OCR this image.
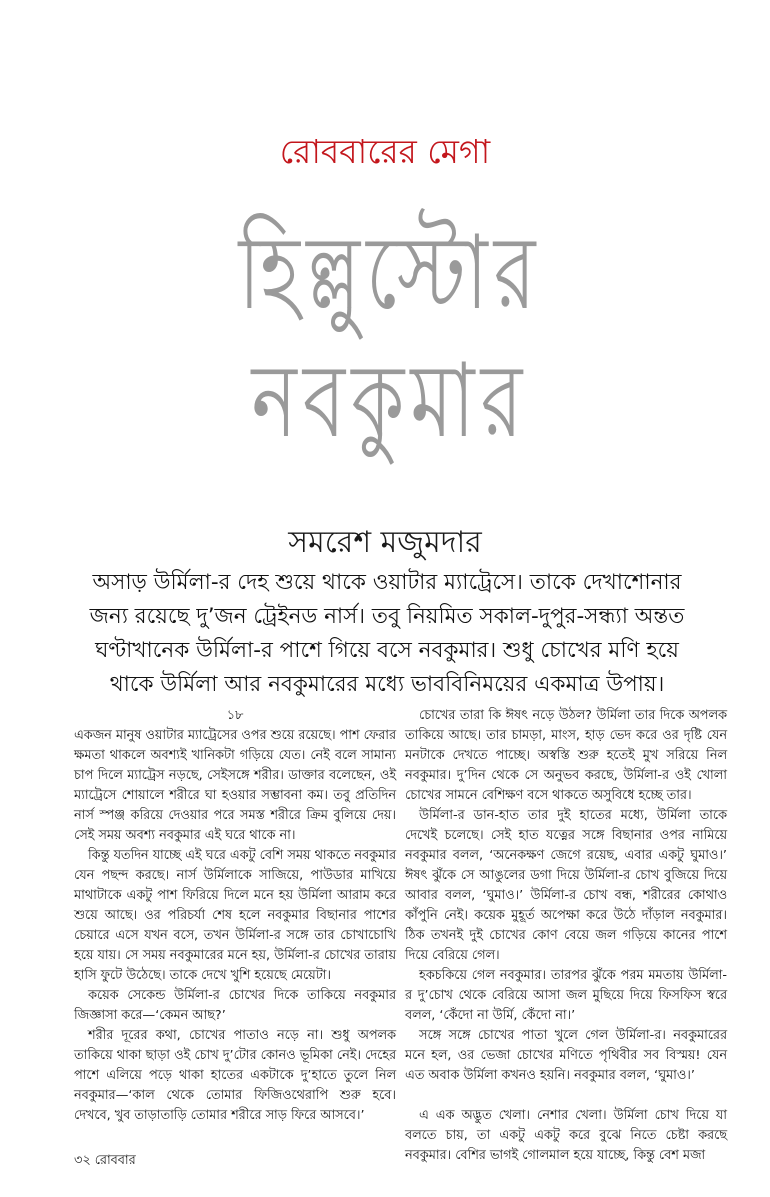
রোববারের মেগা
হিল্লুস্টোর
নবকুমার
সমরেশ মজুমদার
অসাড় উর্মিলা-র দেহ শুয়ে থাকে ওয়াটার ম্যাট্রেসে। তাকে দেখাশোনার জন্য রয়েছে দু’জন ট্রেইনড নার্স। তবু নিয়মিত সকাল-দুপুর-সন্ধ্যা অন্তত ঘণ্টাখানেক উর্মিলা-র পাশে গিয়ে বসে নবকুমার। শুধু চোখের মণি হয়ে থাকে উর্মিলা আর নবকুমারের মধ্যে ভাববিনিময়ের একমাত্র উপায়।

১৮

একজন মানুষ ওয়াটার ম্যাট্রেসের ওপর শুয়ে রয়েছে। পাশ ফেরার ক্ষমতা থাকলে অবশ্যই খানিকটা গড়িয়ে যেত। নেই বলে সামান্য চাপ দিলে ম্যাট্রেস নড়ছে, সেইসঙ্গে শরীর। ডাক্তার বলেছেন, ওই ম্যাট্রেসে শোয়ালে শরীরে ঘা হওয়ার সম্ভাবনা কম। তবু প্রতিদিন নার্স স্পঞ্জ করিয়ে দেওয়ার পরে সমস্ত শরীরে ক্রিম বুলিয়ে দেয়। সেই সময় অবশ্য নবকুমার এই ঘরে থাকে না।

কিন্তু যতদিন যাচ্ছে এই ঘরে একটু বেশি সময় থাকতে নবকুমার যেন পছন্দ করছে। নার্স উর্মিলাকে সাজিয়ে, পাউডার মাখিয়ে মাথাটাকে একটু পাশ ফিরিয়ে দিলে মনে হয় উর্মিলা আরাম করে শুয়ে আছে। ওর পরিচর্যা শেষ হলে নবকুমার বিছানার পাশের চেয়ারে এসে যখন বসে, তখন উর্মিলা-র সঙ্গে তার চোখাচোখি হয়ে যায়। সে সময় নবকুমারের মনে হয়, উর্মিলা-র চোখের তারায় হাসি ফুটে উঠেছে। তাকে দেখে খুশি হয়েছে মেয়েটা।

কয়েক সেকেন্ড উর্মিলা-র চোখের দিকে তাকিয়ে নবকুমার জিজ্ঞাসা করে—‘কেমন আছ?’

শরীর দূরের কথা, চোখের পাতাও নড়ে না। শুধু অপলক তাকিয়ে থাকা ছাড়া ওই চোখ দু’টোর কোনও ভূমিকা নেই। দেহের পাশে এলিয়ে পড়ে থাকা হাতের একটাকে দু’হাতে তুলে নিল নবকুমার—‘কাল থেকে তোমার ফিজিওথেরাপি শুরু হবে। দেখবে, খুব তাড়াতাড়ি তোমার শরীরে সাড় ফিরে আসবে।’

চোখের তারা কি ঈষৎ নড়ে উঠল? উর্মিলা তার দিকে অপলক তাকিয়ে আছে। তার চামড়া, মাংস, হাড় ভেদ করে ওর দৃষ্টি যেন মনটাকে দেখতে পাচ্ছে। অস্বস্তি শুরু হতেই মুখ সরিয়ে নিল নবকুমার। দু’দিন থেকে সে অনুভব করছে, উর্মিলা-র ওই খোলা চোখের সামনে বেশিক্ষণ বসে থাকতে অসুবিধে হচ্ছে তার।

উর্মিলা-র ডান-হাত তার দুই হাতের মধ্যে, উর্মিলা তাকে দেখেই চলেছে। সেই হাত যত্নের সঙ্গে বিছানার ওপর নামিয়ে নবকুমার বলল, ‘অনেকক্ষণ জেগে রয়েছ, এবার একটু ঘুমাও।’ ঈষৎ ঝুঁকে সে আঙুলের ডগা দিয়ে উর্মিলা-র চোখ বুজিয়ে দিয়ে আবার বলল, ‘ঘুমাও।’ উর্মিলা-র চোখ বন্ধ, শরীরের কোথাও কাঁপুনি নেই। কয়েক মুহূর্ত অপেক্ষা করে উঠে দাঁড়াল নবকুমার। ঠিক তখনই দুই চোখের কোণ বেয়ে জল গড়িয়ে কানের পাশে দিয়ে বেরিয়ে গেল।

হকচকিয়ে গেল নবকুমার। তারপর ঝুঁকে পরম মমতায় উর্মিলা-র দু’চোখ থেকে বেরিয়ে আসা জল মুছিয়ে দিয়ে ফিসফিস স্বরে বলল, ‘কেঁদো না উর্মি, কেঁদো না।’

সঙ্গে সঙ্গে চোখের পাতা খুলে গেল উর্মিলা-র। নবকুমারের মনে হল, ওর ভেজা চোখের মণিতে পৃথিবীর সব বিস্ময়! যেন এত অবাক উর্মিলা কখনও হয়নি। নবকুমার বলল, ‘ঘুমাও।’

এ এক অদ্ভুত খেলা। নেশার খেলা। উর্মিলা চোখ দিয়ে যা বলতে চায়, তা একটু একটু করে বুঝে নিতে চেষ্টা করছে নবকুমার। বেশির ভাগই গোলমাল হয়ে যাচ্ছে, কিন্তু বেশ মজা

৩২ রোববার
